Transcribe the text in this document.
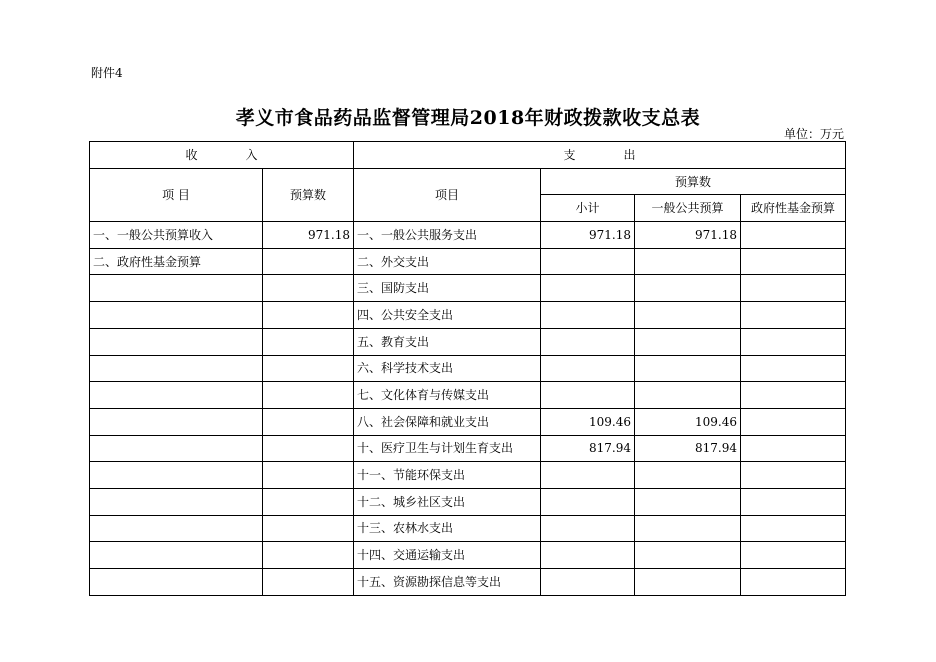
附件4
孝义市食品药品监督管理局2018年财政拨款收支总表
单位：万元
收　　　　入		支　　　　出			
项 目	预算数	项目	预算数		
			小计	一般公共预算	政府性基金预算
一、一般公共预算收入	971.18	一、一般公共服务支出	971.18	971.18	
二、政府性基金预算		二、外交支出			
		三、国防支出			
		四、公共安全支出			
		五、教育支出			
		六、科学技术支出			
		七、文化体育与传媒支出			
		八、社会保障和就业支出	109.46	109.46	
		十、医疗卫生与计划生育支出	817.94	817.94	
		十一、节能环保支出			
		十二、城乡社区支出			
		十三、农林水支出			
		十四、交通运输支出			
		十五、资源勘探信息等支出			
